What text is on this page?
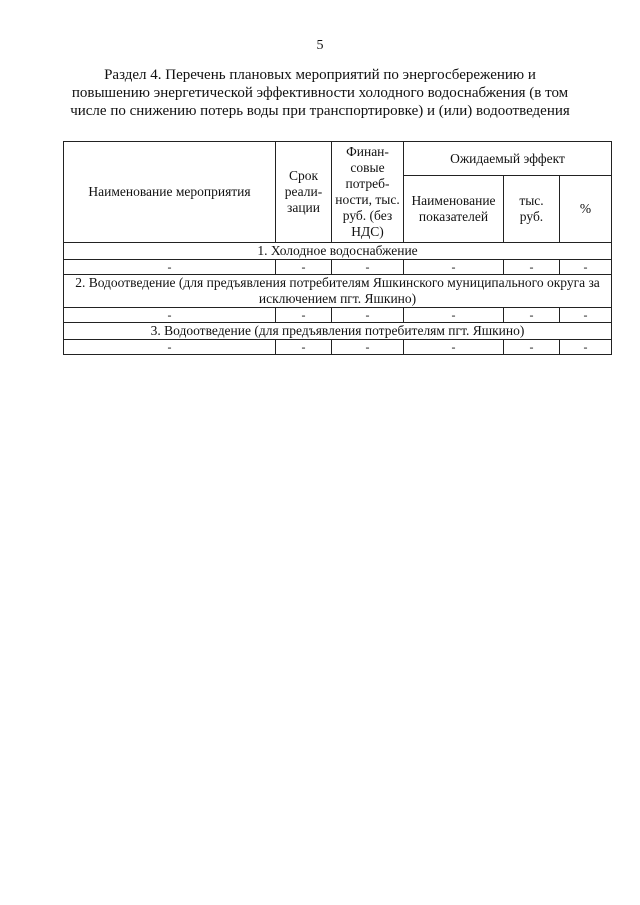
5
Раздел 4. Перечень плановых мероприятий по энергосбережению и повышению энергетической эффективности холодного водоснабжения (в том числе по снижению потерь воды при транспортировке) и (или) водоотведения
Наименование мероприятия	Срок реали-зации	Финан-совые потреб-ности, тыс. руб. (без НДС)	Ожидаемый эффект		
			Наименование показателей	тыс. руб.	%
1. Холодное водоснабжение					
-	-	-	-	-	-
2. Водоотведение (для предъявления потребителям Яшкинского муниципального округа за исключением пгт. Яшкино)					
-	-	-	-	-	-
3. Водоотведение (для предъявления потребителям пгт. Яшкино)					
-	-	-	-	-	-
